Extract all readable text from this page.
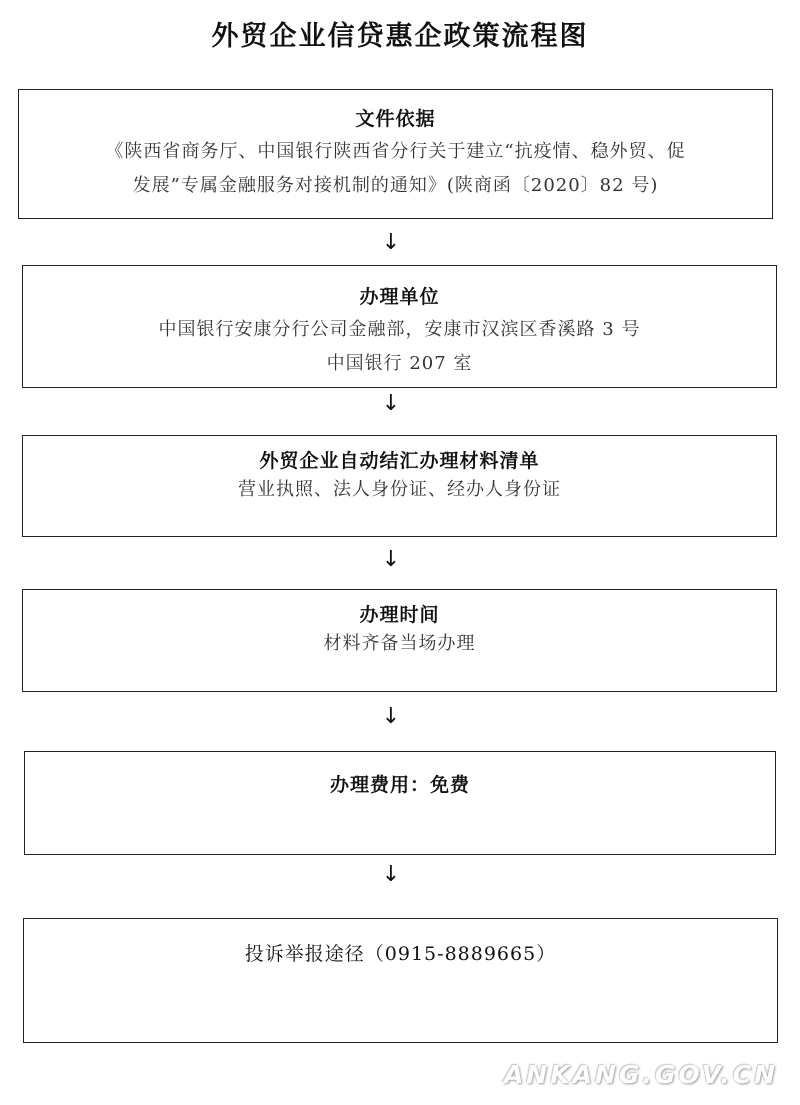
外贸企业信贷惠企政策流程图
文件依据
《陕西省商务厅、中国银行陕西省分行关于建立“抗疫情、稳外贸、促
发展”专属金融服务对接机制的通知》(陕商函〔2020〕82 号)
↓
办理单位
中国银行安康分行公司金融部，安康市汉滨区香溪路 3 号
中国银行 207 室
↓
外贸企业自动结汇办理材料清单
营业执照、法人身份证、经办人身份证
↓
办理时间
材料齐备当场办理
↓
办理费用：免费
↓
投诉举报途径（0915-8889665）
ANKANG.GOV.CN
